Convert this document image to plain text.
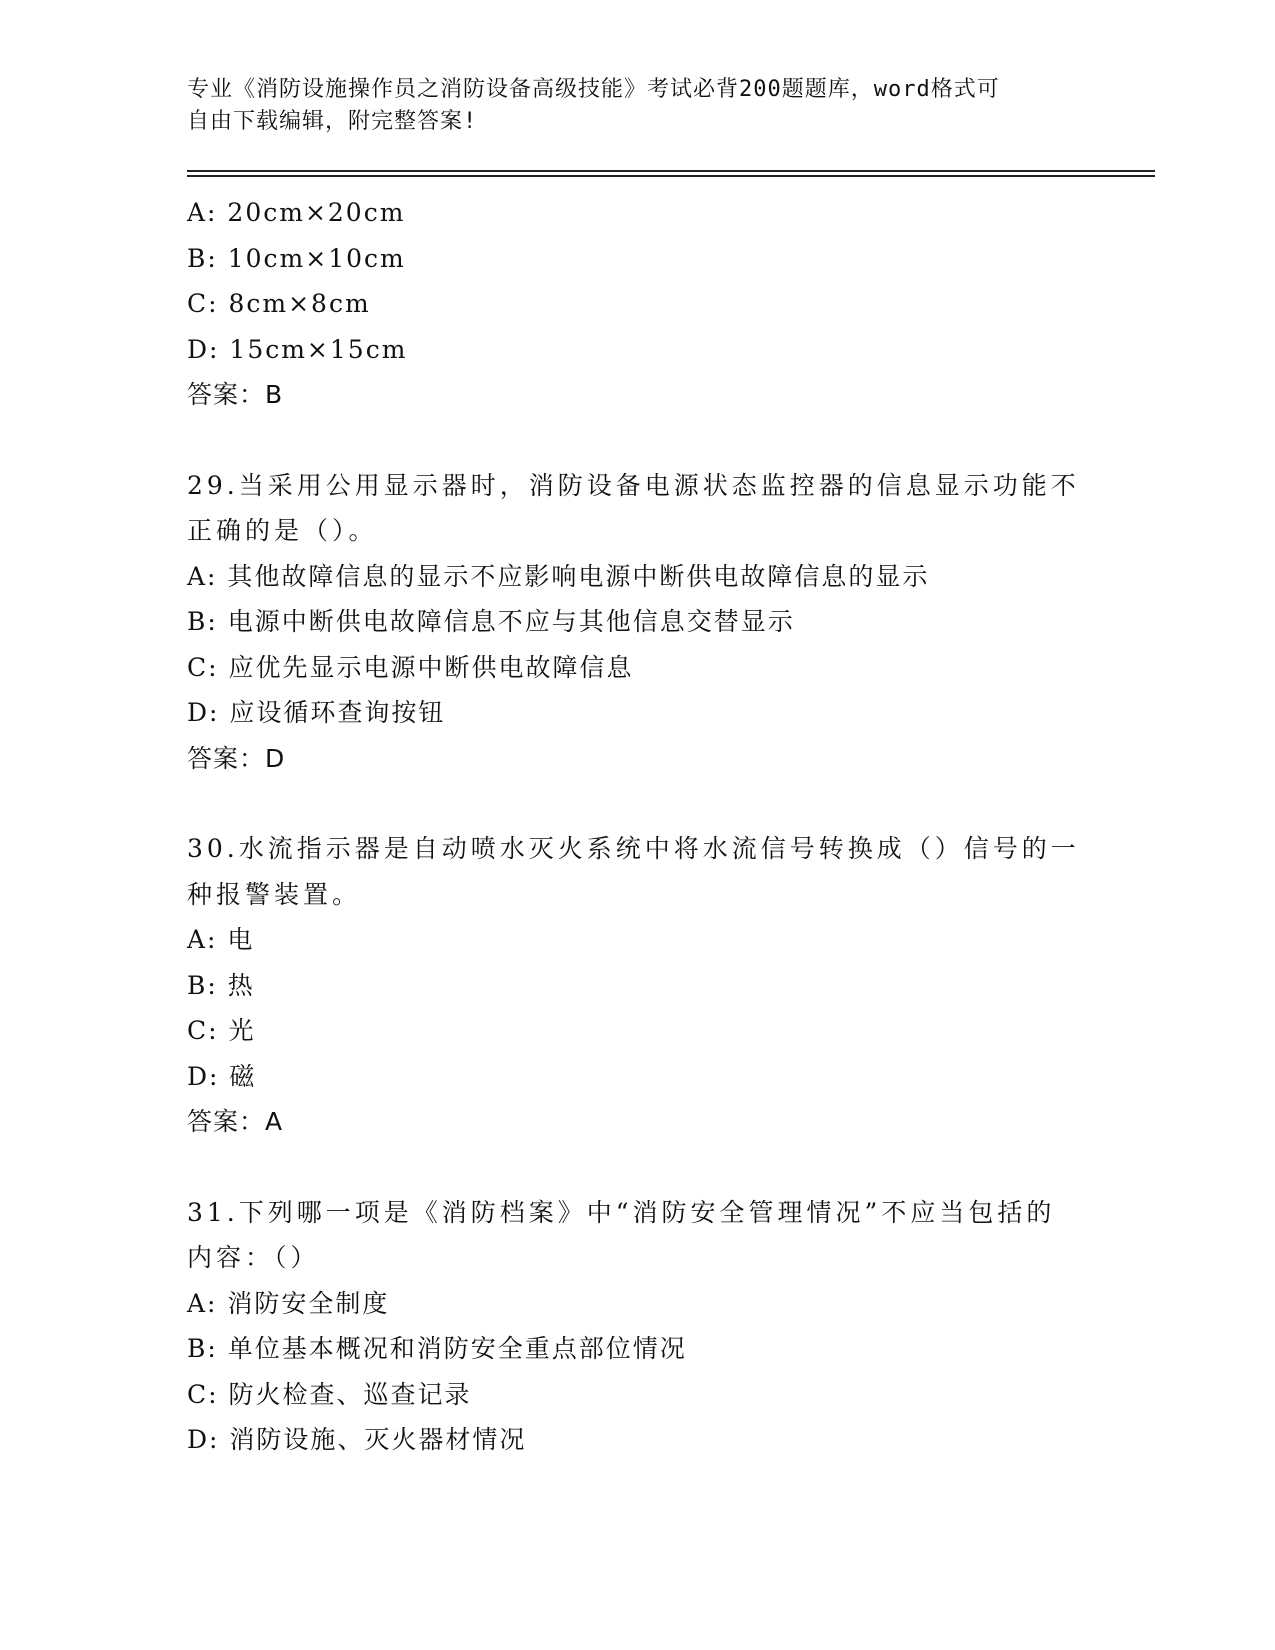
专业《消防设施操作员之消防设备高级技能》考试必背200题题库，word格式可
自由下载编辑，附完整答案!
A: 20cm×20cm
B: 10cm×10cm
C: 8cm×8cm
D: 15cm×15cm
答案：B
29.当采用公用显示器时，消防设备电源状态监控器的信息显示功能不
正确的是（）。
A: 其他故障信息的显示不应影响电源中断供电故障信息的显示
B: 电源中断供电故障信息不应与其他信息交替显示
C: 应优先显示电源中断供电故障信息
D: 应设循环查询按钮
答案：D
30.水流指示器是自动喷水灭火系统中将水流信号转换成（）信号的一
种报警装置。
A: 电
B: 热
C: 光
D: 磁
答案：A
31.下列哪一项是《消防档案》中“消防安全管理情况”不应当包括的
内容：（）
A: 消防安全制度
B: 单位基本概况和消防安全重点部位情况
C: 防火检查、巡查记录
D: 消防设施、灭火器材情况
